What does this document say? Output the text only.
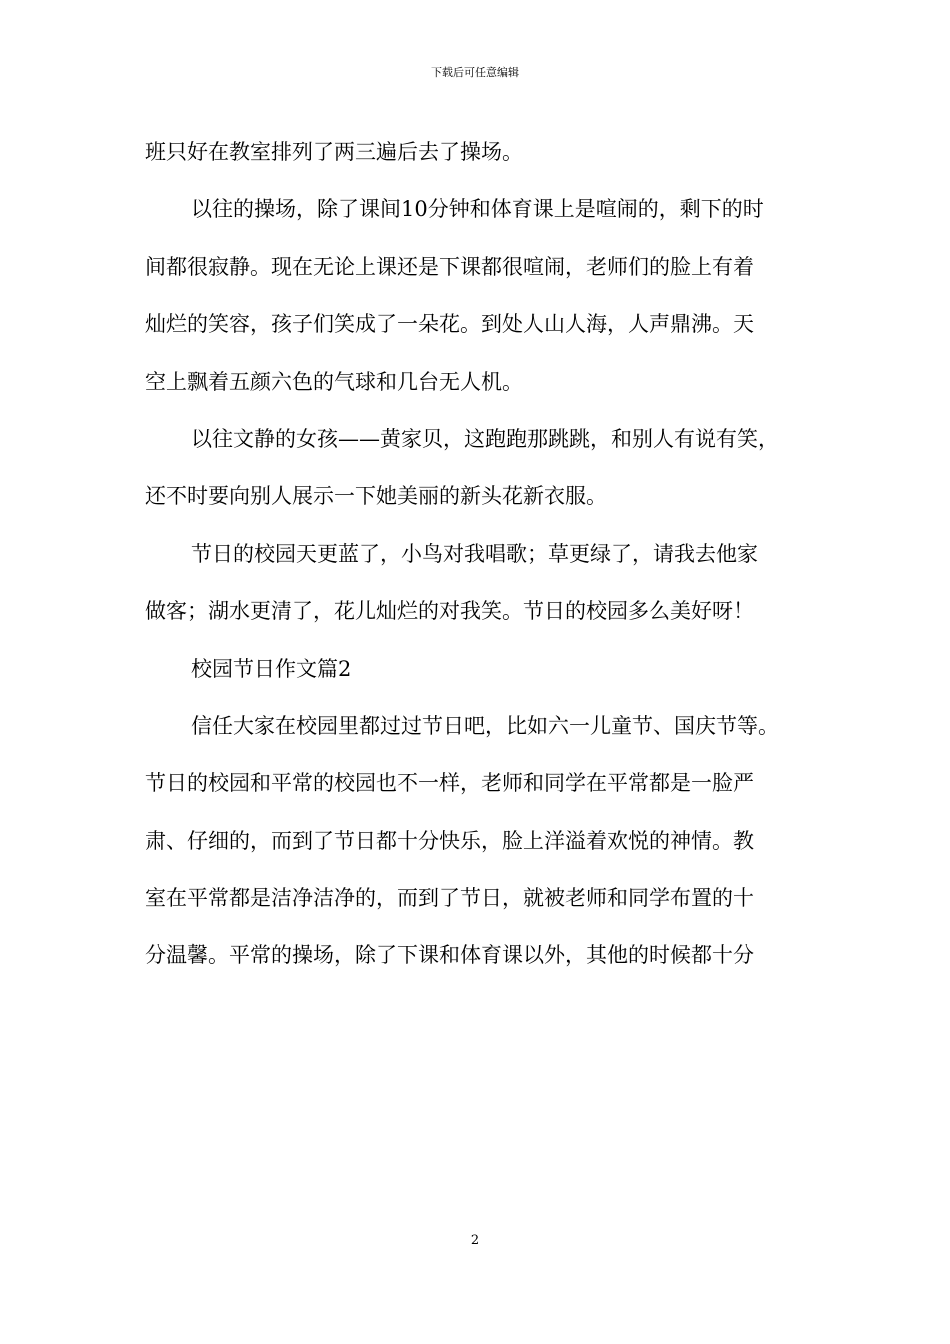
下载后可任意编辑
班只好在教室排列了两三遍后去了操场。
以往的操场，除了课间10分钟和体育课上是喧闹的，剩下的时
间都很寂静。现在无论上课还是下课都很喧闹，老师们的脸上有着
灿烂的笑容，孩子们笑成了一朵花。到处人山人海，人声鼎沸。天
空上飘着五颜六色的气球和几台无人机。
以往文静的女孩——黄家贝，这跑跑那跳跳，和别人有说有笑，
还不时要向别人展示一下她美丽的新头花新衣服。
节日的校园天更蓝了，小鸟对我唱歌；草更绿了，请我去他家
做客；湖水更清了，花儿灿烂的对我笑。节日的校园多么美好呀！
校园节日作文篇2
信任大家在校园里都过过节日吧，比如六一儿童节、国庆节等。
节日的校园和平常的校园也不一样，老师和同学在平常都是一脸严
肃、仔细的，而到了节日都十分快乐，脸上洋溢着欢悦的神情。教
室在平常都是洁净洁净的，而到了节日，就被老师和同学布置的十
分温馨。平常的操场，除了下课和体育课以外，其他的时候都十分
2
